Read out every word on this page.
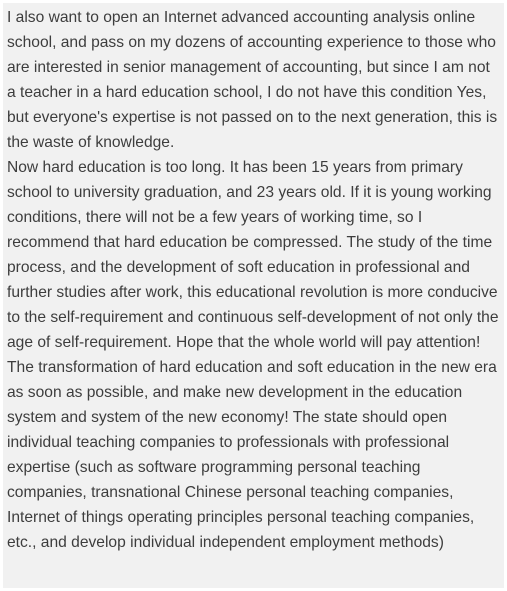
I also want to open an Internet advanced accounting analysis online school, and pass on my dozens of accounting experience to those who are interested in senior management of accounting, but since I am not a teacher in a hard education school, I do not have this condition Yes, but everyone's expertise is not passed on to the next generation, this is the waste of knowledge.

Now hard education is too long. It has been 15 years from primary school to university graduation, and 23 years old. If it is young working conditions, there will not be a few years of working time, so I recommend that hard education be compressed. The study of the time process, and the development of soft education in professional and further studies after work, this educational revolution is more conducive to the self-requirement and continuous self-development of not only the age of self-requirement. Hope that the whole world will pay attention! The transformation of hard education and soft education in the new era as soon as possible, and make new development in the education system and system of the new economy! The state should open individual teaching companies to professionals with professional expertise (such as software programming personal teaching companies, transnational Chinese personal teaching companies, Internet of things operating principles personal teaching companies, etc., and develop individual independent employment methods)
